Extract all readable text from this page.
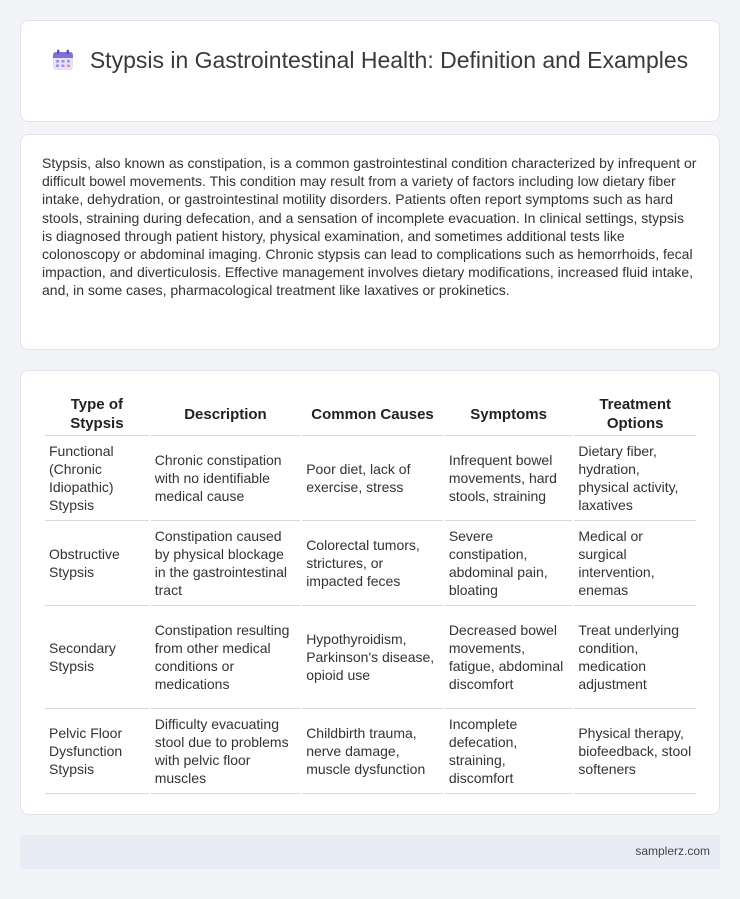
Stypsis in Gastrointestinal Health: Definition and Examples

Stypsis, also known as constipation, is a common gastrointestinal condition characterized by infrequent or difficult bowel movements. This condition may result from a variety of factors including low dietary fiber intake, dehydration, or gastrointestinal motility disorders. Patients often report symptoms such as hard stools, straining during defecation, and a sensation of incomplete evacuation. In clinical settings, stypsis is diagnosed through patient history, physical examination, and sometimes additional tests like colonoscopy or abdominal imaging. Chronic stypsis can lead to complications such as hemorrhoids, fecal impaction, and diverticulosis. Effective management involves dietary modifications, increased fluid intake, and, in some cases, pharmacological treatment like laxatives or prokinetics.

Type of Stypsis	Description	Common Causes	Symptoms	Treatment Options
Functional (Chronic Idiopathic) Stypsis	Chronic constipation with no identifiable medical cause	Poor diet, lack of exercise, stress	Infrequent bowel movements, hard stools, straining	Dietary fiber, hydration, physical activity, laxatives
Obstructive Stypsis	Constipation caused by physical blockage in the gastrointestinal tract	Colorectal tumors, strictures, or impacted feces	Severe constipation, abdominal pain, bloating	Medical or surgical intervention, enemas
Secondary Stypsis	Constipation resulting from other medical conditions or medications	Hypothyroidism, Parkinson's disease, opioid use	Decreased bowel movements, fatigue, abdominal discomfort	Treat underlying condition, medication adjustment
Pelvic Floor Dysfunction Stypsis	Difficulty evacuating stool due to problems with pelvic floor muscles	Childbirth trauma, nerve damage, muscle dysfunction	Incomplete defecation, straining, discomfort	Physical therapy, biofeedback, stool softeners
samplerz.com
